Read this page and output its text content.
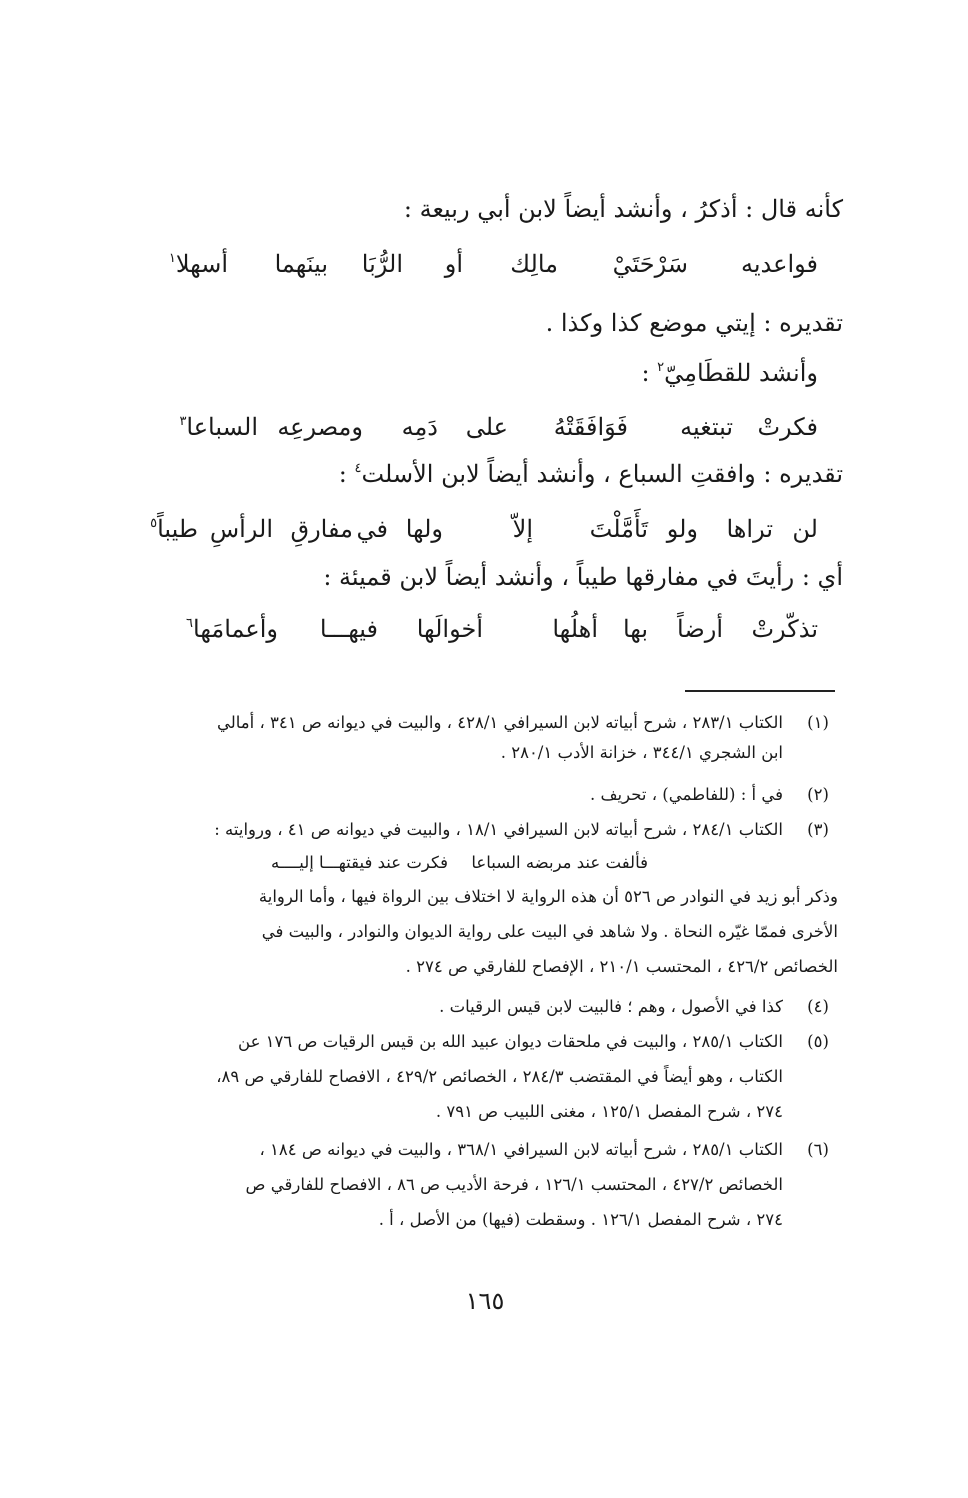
كأنه قال : أذكرُ ، وأنشد أيضاً لابن أبي ربيعة :
فواعديه
سَرْحَتَيْ
مالِك
أو
الرُّبَا
بينَهما
أسهلا$^١$
تقديره : إيتي موضع كذا وكذا .
وأنشد للقطَامِيّ$^٢$ :
فكرتْ
تبتغيه
فَوَافَقَتْهُ
على
دَمِه
ومصرعِه
السباعا$^٣$
تقديره : وافقتِ السباع ، وأنشد أيضاً لابن الأسلت$^٤$ :
لن
تراها
ولو
تَأَمَّلْتَ
إلاّ
ولها
في
مفارقِ
الرأسِ
طيباً$^٥$
أي : رأيتَ في مفارقها طيباً ، وأنشد أيضاً لابن قميئة :
تذكّرتْ
أرضاً
بها
أهلُها
أخوالَها
فيهـــا
وأعمامَها$^٦$
(١)
الكتاب ٢٨٣/١ ، شرح أبياته لابن السيرافي ٤٢٨/١ ، والبيت في ديوانه ص ٣٤١ ، أمالي
ابن الشجري ٣٤٤/١ ، خزانة الأدب ٢٨٠/١ .
(٢)
في أ : (للفاطمي) ، تحريف .
(٣)
الكتاب ٢٨٤/١ ، شرح أبياته لابن السيرافي ١٨/١ ، والبيت في ديوانه ص ٤١ ، وروايته :
فكرت عند فيقتهـــا إليــــه فألفت عند مربضه السباعا
وذكر أبو زيد في النوادر ص ٥٢٦ أن هذه الرواية لا اختلاف بين الرواة فيها ، وأما الرواية
الأخرى فممّا غيّره النحاة . ولا شاهد في البيت على رواية الديوان والنوادر ، والبيت في
الخصائص ٤٢٦/٢ ، المحتسب ٢١٠/١ ، الإفصاح للفارقي ص ٢٧٤ .
(٤)
كذا في الأصول ، وهم ؛ فالبيت لابن قيس الرقيات .
(٥)
الكتاب ٢٨٥/١ ، والبيت في ملحقات ديوان عبيد الله بن قيس الرقيات ص ١٧٦ عن
الكتاب ، وهو أيضاً في المقتضب ٢٨٤/٣ ، الخصائص ٤٢٩/٢ ، الافصاح للفارقي ص ٨٩،
٢٧٤ ، شرح المفصل ١٢٥/١ ، مغنى اللبيب ص ٧٩١ .
(٦)
الكتاب ٢٨٥/١ ، شرح أبياته لابن السيرافي ٣٦٨/١ ، والبيت في ديوانه ص ١٨٤ ،
الخصائص ٤٢٧/٢ ، المحتسب ١٢٦/١ ، فرحة الأديب ص ٨٦ ، الافصاح للفارقي ص
٢٧٤ ، شرح المفصل ١٢٦/١ . وسقطت (فيها) من الأصل ، أ .
١٦٥
